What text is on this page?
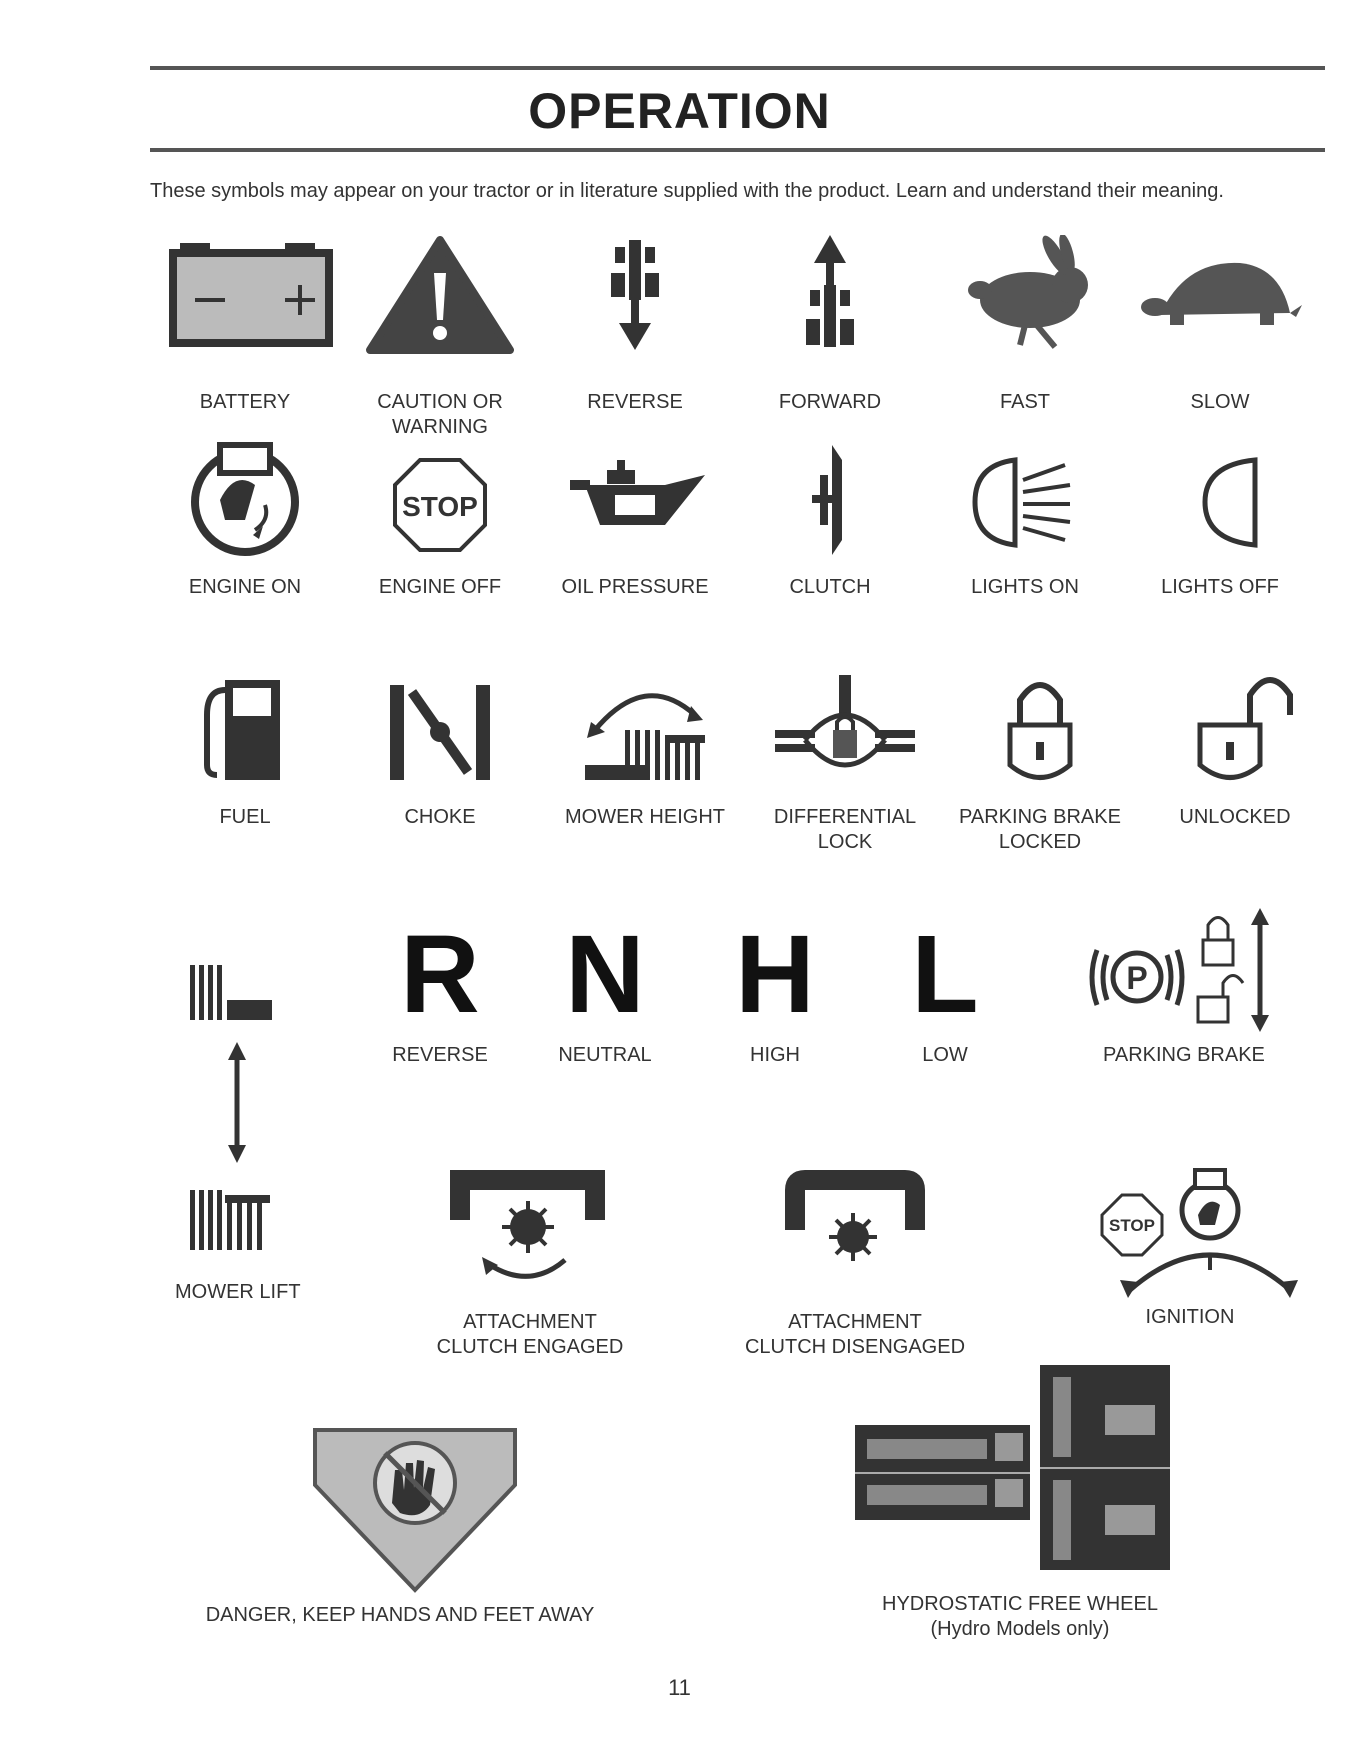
OPERATION
These symbols may appear on your tractor or in literature supplied with the product. Learn and understand their meaning.
BATTERY	CAUTION OR
WARNING
REVERSE	FORWARD	FAST	SLOW
ENGINE ON
STOP
ENGINE OFF	OIL PRESSURE	CLUTCH	LIGHTS ON	LIGHTS OFF
FUEL	CHOKE	MOWER HEIGHT	DIFFERENTIAL
LOCK
PARKING BRAKE
LOCKED
UNLOCKED
R
REVERSE
N
NEUTRAL
H
HIGH
L
LOW
P
PARKING BRAKE
MOWER LIFT
ATTACHMENT
CLUTCH ENGAGED
ATTACHMENT
CLUTCH DISENGAGED
STOP
IGNITION
DANGER, KEEP HANDS AND FEET AWAY	HYDROSTATIC FREE WHEEL
(Hydro Models only)
11
